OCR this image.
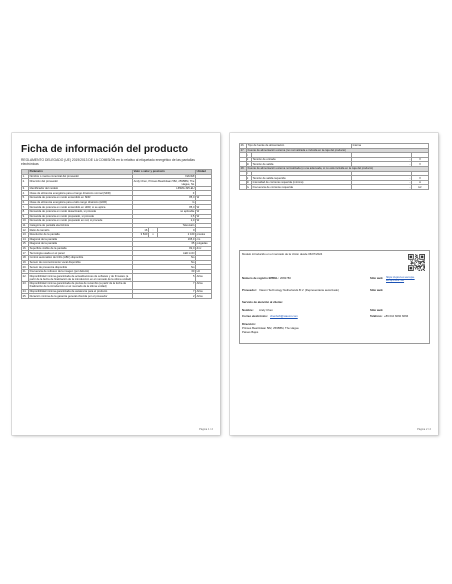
Ficha de información del producto
REGLAMENTO DELEGADO (UE) 2019/2013 DE LA COMISIÓN en lo relativo al etiquetado energético de las pantallas electrónicas
	Parámetro	Valor o valor y precisión			Unidad
1.	Nombre o marca comercial del proveedor	XIAOMI			
2.	Dirección del proveedor	Andy Chen, Prinses Beatrixlaan 582, 2595BM, The Hague, NL			
3.	Identificador del modelo	L65MA-SPLEU			
4.	Clase de eficiencia energética para el rango dinámico normal (SDR)	F			
5.	Demanda de potencia en modo encendido en SDR	85,0			W
6.	Clase de eficiencia energética para el alto rango dinámico (HDR)	G			
7.	Demanda de potencia en modo encendido en HDR, si se aplica	85,0			W
8.	Demanda de potencia en modo desactivado, si procede	no aplicable			W
9.	Demanda de potencia en modo preparado, si procede	0,5			W
10.	Demanda de potencia en modo preparado en red, si procede	2,0			W
11.	Categoría de pantalla electrónica	Televisión			
12.	Ratio de tamaño	16	:	9	
13.	Resolución de la pantalla	3 840	x	2 160	píxeles
14.	Diagonal de la pantalla	165,0			cm
15.	Diagonal de la pantalla	65			pulgadas
16.	Superficie visible de la pantalla	82,0			dm²
17.	Tecnología usada en el panel	LED LCD			
18.	Control automático de brillo (ABC) disponible	No			
19.	Sensor de reconocimiento vocal disponible	No			
20.	Sensor de presencia disponible	No			
21.	Frecuencia de refresco de la imagen (por defecto)	60			Hz
22.	Disponibilidad mínima garantizada de actualizaciones de software y de firmware (a partir de la fecha de finalización de la introducción en el mercado de la última unidad)	5			Años
23.	Disponibilidad mínima garantizada de piezas de recambio (a partir de la fecha de finalización de la introducción en el mercado de la última unidad)	7			Años
24.	Disponibilidad mínima garantizada de asistencia para el producto	7			Años
25.	Duración mínima de la garantía general ofrecida por el proveedor	2			Años
Página 1 / 2
26.	Tipo de fuente de alimentación		Interna	
27.	Fuente de alimentación externa (no normalizada e incluida en la caja del producto)			
	i			
	ii	Tensión de entrada	-	V
	iii	Tensión de salida	-	V
28.	Fuente de alimentación externa normalizada (o una adecuada, si no está incluida en la caja del producto)			
	i			
	ii	Tensión de salida requerida	-	V
	iii	Intensidad de corriente requerida (mínima)	-	A
	iv	Frecuencia de corriente requerida	-	Hz
Modelo introducido en el mercado de la Unión desde 06/07/2024
Número de registro EPREL: 2082780	Sitio web: https://eprel.ec.europa.eu/qr/2082780
Proveedor: Xiaomi Technology Netherlands B.V. (Representante autorizado)	Sitio web:
Servicio de atención al cliente:
Nombre: Andy Chen	Sitio web:
Correo electrónico: chenbo6@xiaomi.com	Teléfono: +86 010 6060 6666
Dirección:
Prinses Beatrixlaan 582, 2595BM, The Hague
Países Bajos
Página 2 / 2
